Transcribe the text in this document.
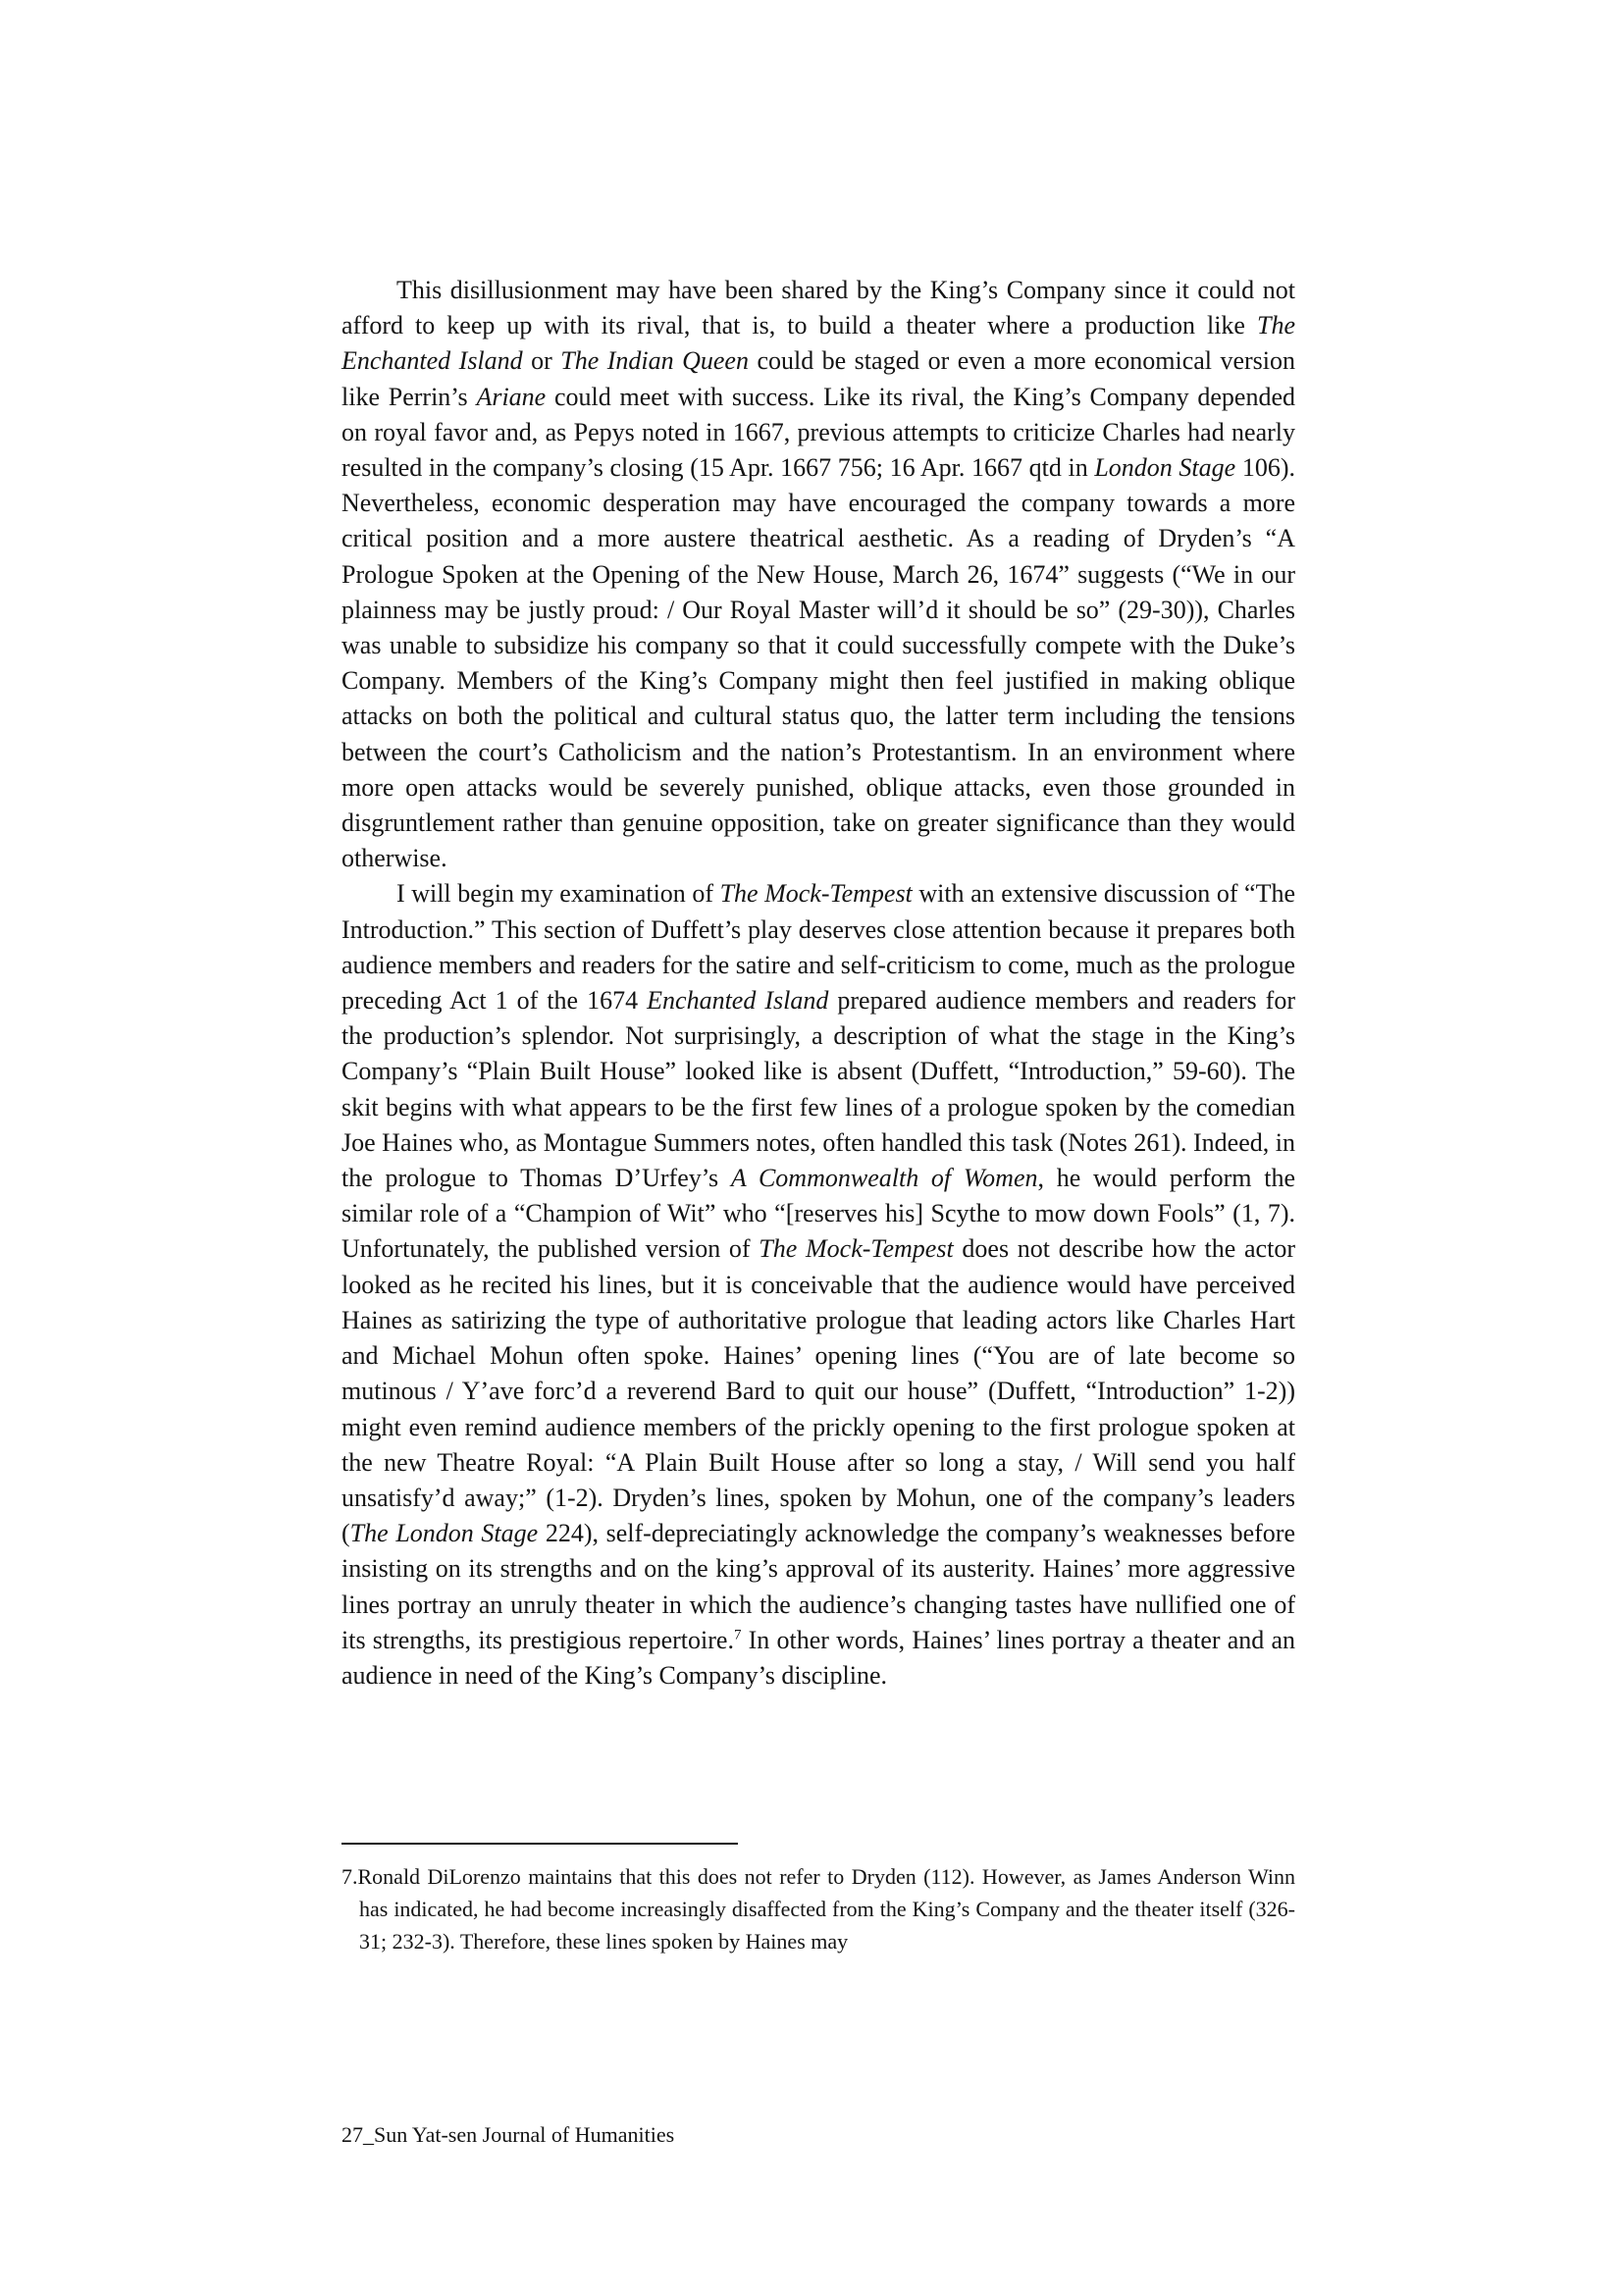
This disillusionment may have been shared by the King’s Company since it could not afford to keep up with its rival, that is, to build a theater where a production like The Enchanted Island or The Indian Queen could be staged or even a more economical version like Perrin’s Ariane could meet with success. Like its rival, the King’s Company depended on royal favor and, as Pepys noted in 1667, previous attempts to criticize Charles had nearly resulted in the company’s closing (15 Apr. 1667 756; 16 Apr. 1667 qtd in London Stage 106). Nevertheless, economic desperation may have encouraged the company towards a more critical position and a more austere theatrical aesthetic. As a reading of Dryden’s “A Prologue Spoken at the Opening of the New House, March 26, 1674” suggests (“We in our plainness may be justly proud: / Our Royal Master will’d it should be so” (29-30)), Charles was unable to subsidize his company so that it could successfully compete with the Duke’s Company. Members of the King’s Company might then feel justified in making oblique attacks on both the political and cultural status quo, the latter term including the tensions between the court’s Catholicism and the nation’s Protestantism. In an environment where more open attacks would be severely punished, oblique attacks, even those grounded in disgruntlement rather than genuine opposition, take on greater significance than they would otherwise.

I will begin my examination of The Mock-Tempest with an extensive discussion of “The Introduction.” This section of Duffett’s play deserves close attention because it prepares both audience members and readers for the satire and self-criticism to come, much as the prologue preceding Act 1 of the 1674 Enchanted Island prepared audience members and readers for the production’s splendor. Not surprisingly, a description of what the stage in the King’s Company’s “Plain Built House” looked like is absent (Duffett, “Introduction,” 59-60). The skit begins with what appears to be the first few lines of a prologue spoken by the comedian Joe Haines who, as Montague Summers notes, often handled this task (Notes 261). Indeed, in the prologue to Thomas D’Urfey’s A Commonwealth of Women, he would perform the similar role of a “Champion of Wit” who “[reserves his] Scythe to mow down Fools” (1, 7). Unfortunately, the published version of The Mock-Tempest does not describe how the actor looked as he recited his lines, but it is conceivable that the audience would have perceived Haines as satirizing the type of authoritative prologue that leading actors like Charles Hart and Michael Mohun often spoke. Haines’ opening lines (“You are of late become so mutinous / Y’ave forc’d a reverend Bard to quit our house” (Duffett, “Introduction” 1-2)) might even remind audience members of the prickly opening to the first prologue spoken at the new Theatre Royal: “A Plain Built House after so long a stay, / Will send you half unsatisfy’d away;” (1-2). Dryden’s lines, spoken by Mohun, one of the company’s leaders (The London Stage 224), self-depreciatingly acknowledge the company’s weaknesses before insisting on its strengths and on the king’s approval of its austerity. Haines’ more aggressive lines portray an unruly theater in which the audience’s changing tastes have nullified one of its strengths, its prestigious repertoire.$^7$ In other words, Haines’ lines portray a theater and an audience in need of the King’s Company’s discipline.

7.Ronald DiLorenzo maintains that this does not refer to Dryden (112). However, as James Anderson Winn has indicated, he had become increasingly disaffected from the King’s Company and the theater itself (326-31; 232-3). Therefore, these lines spoken by Haines may

27_Sun Yat-sen Journal of Humanities
